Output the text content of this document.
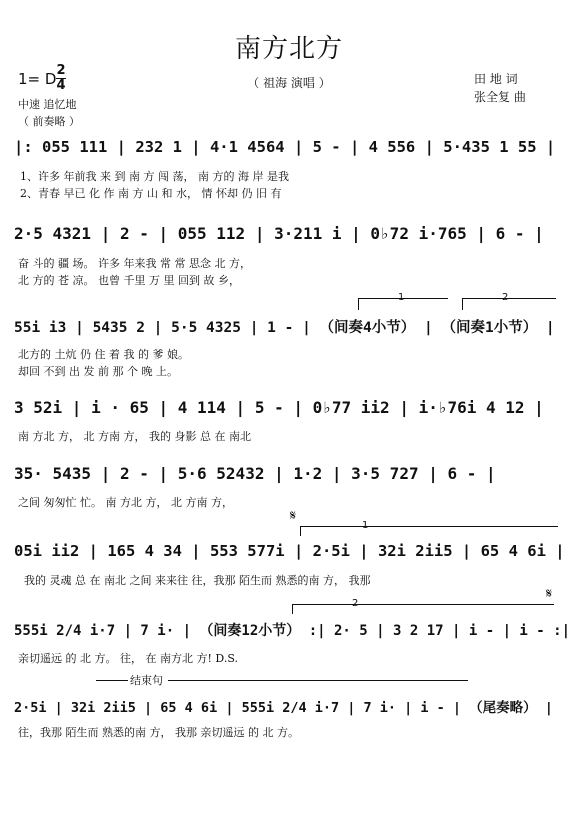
南方北方
（ 祖海 演唱 ）	田 地 词
张全复 曲
1= D 2
4
中速 追忆地
（ 前奏略 ）
|: 055 111 | 232 1 | 4·1 4564 | 5 - | 4 556 | 5·435 1 55 |
1、许多 年前我 来 到 南 方 闯 荡， 南 方的 海 岸 是我
2、青春 早已 化 作 南 方 山 和 水， 情 怀却 仍 旧 有
2·5 4321 | 2 - | 055 112 | 3·211 i | 0♭72 i·765 | 6 - |
奋 斗的 疆 场。 许多 年来我 常 常 思念 北 方，
北 方的 苍 凉。 也曾 千里 万 里 回到 故 乡，
1	2
55i i3 | 5435 2 | 5·5 4325 | 1 - | （间奏4小节） | （间奏1小节） |
北方的 土炕 仍 住 着 我 的 爹 娘。
却回 不到 出 发 前 那 个 晚 上。
3 52i | i · 65 | 4 114 | 5 - | 0♭77 ii2 | i·♭76i 4 12 |
南 方北 方， 北 方南 方， 我的 身影 总 在 南北
35· 5435 | 2 - | 5·6 52432 | 1·2 | 3·5 727 | 6 - |
之间 匆匆忙 忙。 南 方北 方， 北 方南 方，
𝄋
1
05i ii2 | 165 4 34 | 553 577i | 2·5i | 32i 2ii5 | 65 4 6i |
我的 灵魂 总 在 南北 之间 来来往 往，我那 陌生而 熟悉的南 方， 我那
𝄋
2
555i 2/4 i·7 | 7 i· | （间奏12小节） :| 2· 5 | 3 2 17 | i - | i - :|
亲切遥远 的 北 方。 往， 在 南方北 方! D.S.
结束句
2·5i | 32i 2ii5 | 65 4 6i | 555i 2/4 i·7 | 7 i· | i - | （尾奏略） |
往，我那 陌生而 熟悉的南 方， 我那 亲切遥远 的 北 方。
